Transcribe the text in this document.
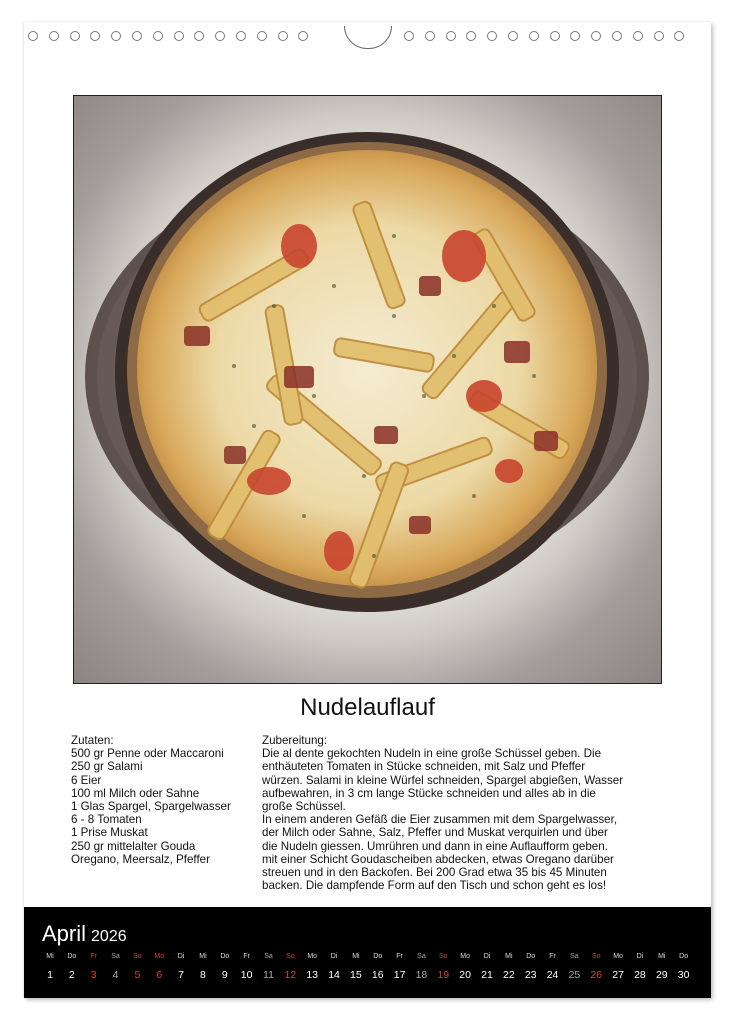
Nudelauflauf
Zutaten:
500 gr Penne oder Maccaroni
250 gr Salami
6 Eier
100 ml Milch oder Sahne
1 Glas Spargel, Spargelwasser
6 - 8 Tomaten
1 Prise Muskat
250 gr mittelalter Gouda
Oregano, Meersalz, Pfeffer
Zubereitung:
Die al dente gekochten Nudeln in eine große Schüssel geben. Die
enthäuteten Tomaten in Stücke schneiden, mit Salz und Pfeffer
würzen. Salami in kleine Würfel schneiden, Spargel abgießen, Wasser
aufbewahren, in 3 cm lange Stücke schneiden und alles ab in die
große Schüssel.
In einem anderen Gefäß die Eier zusammen mit dem Spargelwasser,
der Milch oder Sahne, Salz, Pfeffer und Muskat verquirlen und über
die Nudeln giessen. Umrühren und dann in eine Auflaufform geben.
mit einer Schicht Goudascheiben abdecken, etwas Oregano darüber
streuen und in den Backofen. Bei 200 Grad etwa 35 bis 45 Minuten
backen. Die dampfende Form auf den Tisch und schon geht es los!
April 2026
Mi
1
Do
2
Fr
3
Sa
4
So
5
Mo
6
Di
7
Mi
8
Do
9
Fr
10
Sa
11
So
12
Mo
13
Di
14
Mi
15
Do
16
Fr
17
Sa
18
So
19
Mo
20
Di
21
Mi
22
Do
23
Fr
24
Sa
25
So
26
Mo
27
Di
28
Mi
29
Do
30
